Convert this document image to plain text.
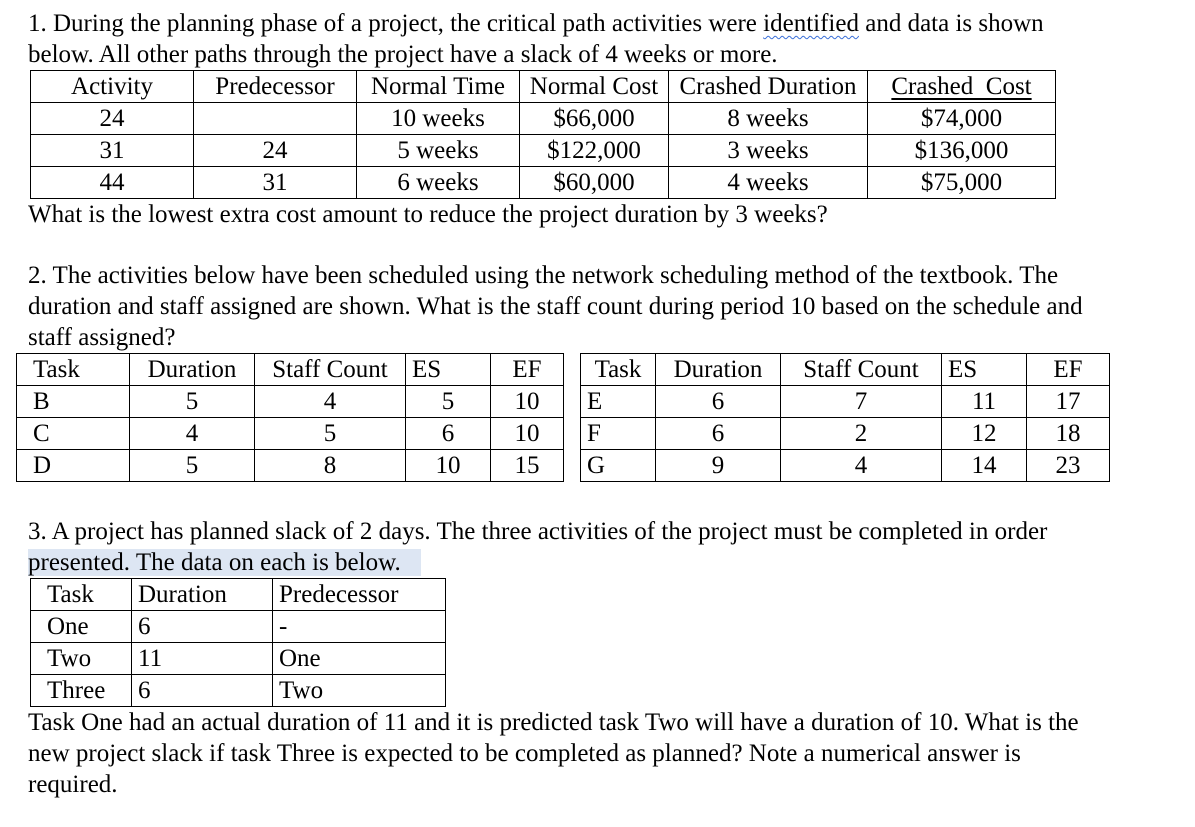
1. During the planning phase of a project, the critical path activities were identified and data is shown

below. All other paths through the project have a slack of 4 weeks or more.

Activity	Predecessor	Normal Time	Normal Cost	Crashed Duration	Crashed  Cost
24		10 weeks	$66,000	8 weeks	$74,000
31	24	5 weeks	$122,000	3 weeks	$136,000
44	31	6 weeks	$60,000	4 weeks	$75,000

What is the lowest extra cost amount to reduce the project duration by 3 weeks?

2. The activities below have been scheduled using the network scheduling method of the textbook. The

duration and staff assigned are shown. What is the staff count during period 10 based on the schedule and

staff assigned?

Task	Duration	Staff Count	ES	EF		Task	Duration	Staff Count	ES	EF
B	5	4	5	10		E	6	7	11	17
C	4	5	6	10		F	6	2	12	18
D	5	8	10	15		G	9	4	14	23

3. A project has planned slack of 2 days. The three activities of the project must be completed in order

presented. The data on each is below.

Task	Duration	Predecessor
One	6	-
Two	11	One
Three	6	Two

Task One had an actual duration of 11 and it is predicted task Two will have a duration of 10. What is the

new project slack if task Three is expected to be completed as planned? Note a numerical answer is

required.
